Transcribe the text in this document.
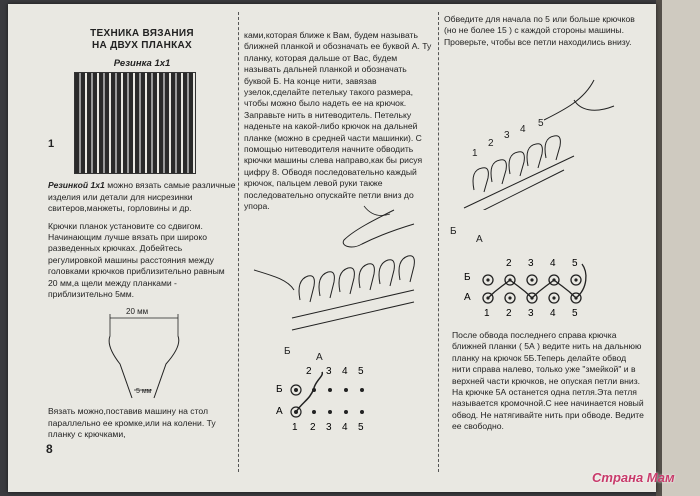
ТЕХНИКА ВЯЗАНИЯ
НА ДВУХ ПЛАНКАХ
Резинка 1х1

Резинкой 1х1 можно вязать самые различные изделия или детали для нисрезинки свитеров,манжеты, горловины и др.

Крючки планок установите со сдвигом. Начинающим лучше вязать при широко разведенных крючках. Добейтесь регулировкой машины расстояния между головками крючков приблизительно равным 20 мм,а щели между планками - приблизительно 5мм.

20 мм
5 мм

Вязать можно,поставив машину на стол параллельно ее кромке,или на колени. Ту планку с крючками,

1
8

ками,которая ближе к Вам, будем называть ближней планкой и обозначать ее буквой А. Ту планку, которая дальше от Вас, будем называть дальней планкой и обозначать буквой Б. На конце нити, завязав узелок,сделайте петельку такого размера, чтобы можно было надеть ее на крючок. Заправьте нить в нитеводитель. Петельку наденьте на какой-либо крючок на дальней планке (можно в средней части машинки). С помощью нитеводителя начните обводить крючки машины слева направо,как бы рисуя цифру 8. Обводя последовательно каждый крючок, пальцем левой руки также последовательно опускайте петли вниз до упора.

Б
А
2 3 4 5
Б
А
1 2 3 4 5

Обведите для начала по 5 или больше крючков (но не более 15 ) с каждой стороны машины. Проверьте, чтобы все петли находились внизу.

1
2
3
4
5
Б
А
2 3 4 5
Б
А
1 2 3 4 5

После обвода последнего справа крючка ближней планки ( 5А ) ведите нить на дальнюю планку на крючок 5Б.Теперь делайте обвод нити справа налево, только уже "змейкой" и в верхней части крючков, не опуская петли вниз. На крючке 5А останется одна петля.Эта петля называется кромочной.С нее начинается новый обвод. Не натягивайте нить при обводе. Ведите ее свободно.

Страна Мам
